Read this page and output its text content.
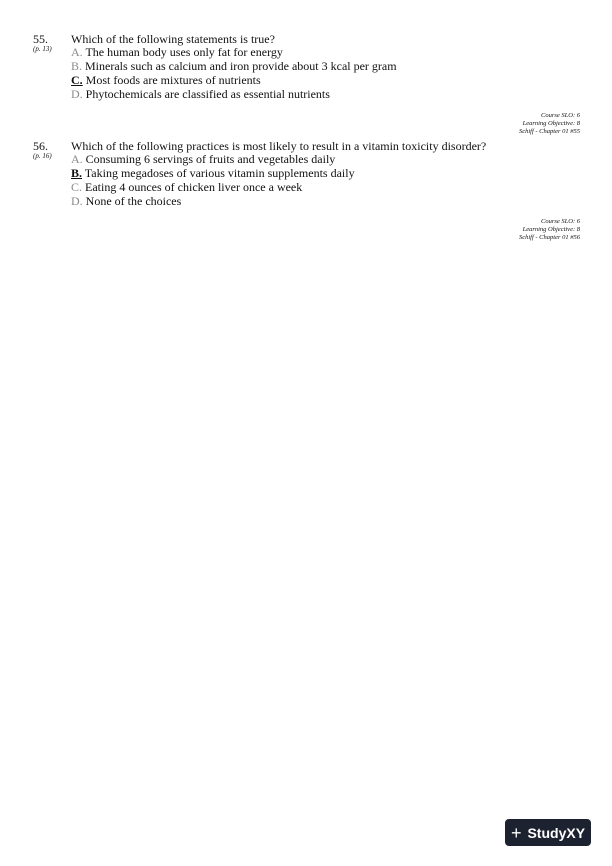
55.
(p. 13)
Which of the following statements is true?
A. The human body uses only fat for energy
B. Minerals such as calcium and iron provide about 3 kcal per gram
C. Most foods are mixtures of nutrients
D. Phytochemicals are classified as essential nutrients
Course SLO: 6
Learning Objective: 8
Schiff - Chapter 01 #55
56.
(p. 16)
Which of the following practices is most likely to result in a vitamin toxicity disorder?
A. Consuming 6 servings of fruits and vegetables daily
B. Taking megadoses of various vitamin supplements daily
C. Eating 4 ounces of chicken liver once a week
D. None of the choices
Course SLO: 6
Learning Objective: 8
Schiff - Chapter 01 #56
+ StudyXY
